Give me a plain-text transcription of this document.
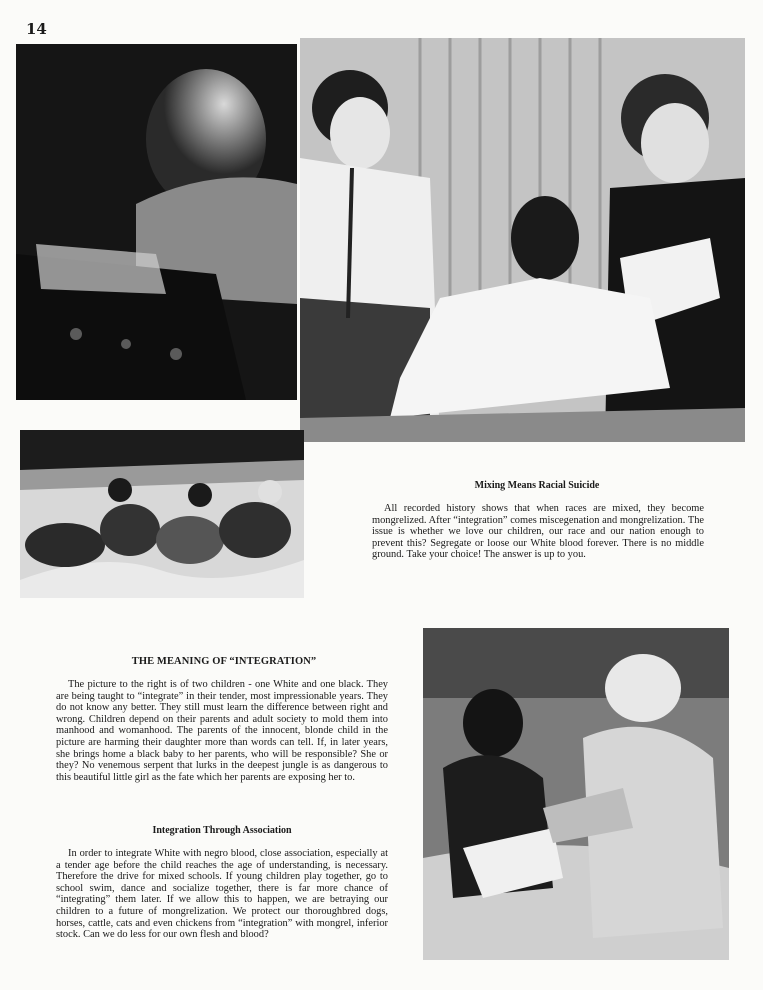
14
Mixing Means Racial Suicide

All recorded history shows that when races are mixed, they become mongrelized. After “integration” comes miscegenation and mongrelization. The issue is whether we love our children, our race and our nation enough to prevent this? Segregate or loose our White blood forever. There is no middle ground. Take your choice! The answer is up to you.

THE MEANING OF “INTEGRATION”

The picture to the right is of two children - one White and one black. They are being taught to “integrate” in their tender, most impressionable years. They do not know any better. They still must learn the difference between right and wrong. Children depend on their parents and adult society to mold them into manhood and womanhood. The parents of the innocent, blonde child in the picture are harming their daughter more than words can tell. If, in later years, she brings home a black baby to her parents, who will be responsible? She or they? No venemous serpent that lurks in the deepest jungle is as dangerous to this beautiful little girl as the fate which her parents are exposing her to.

Integration Through Association

In order to integrate White with negro blood, close association, especially at a tender age before the child reaches the age of understanding, is necessary. Therefore the drive for mixed schools. If young children play together, go to school swim, dance and socialize together, there is far more chance of “integrating” them later. If we allow this to happen, we are betraying our children to a future of mongrelization. We protect our thoroughbred dogs, horses, cattle, cats and even chickens from “integration” with mongrel, inferior stock. Can we do less for our own flesh and blood?
